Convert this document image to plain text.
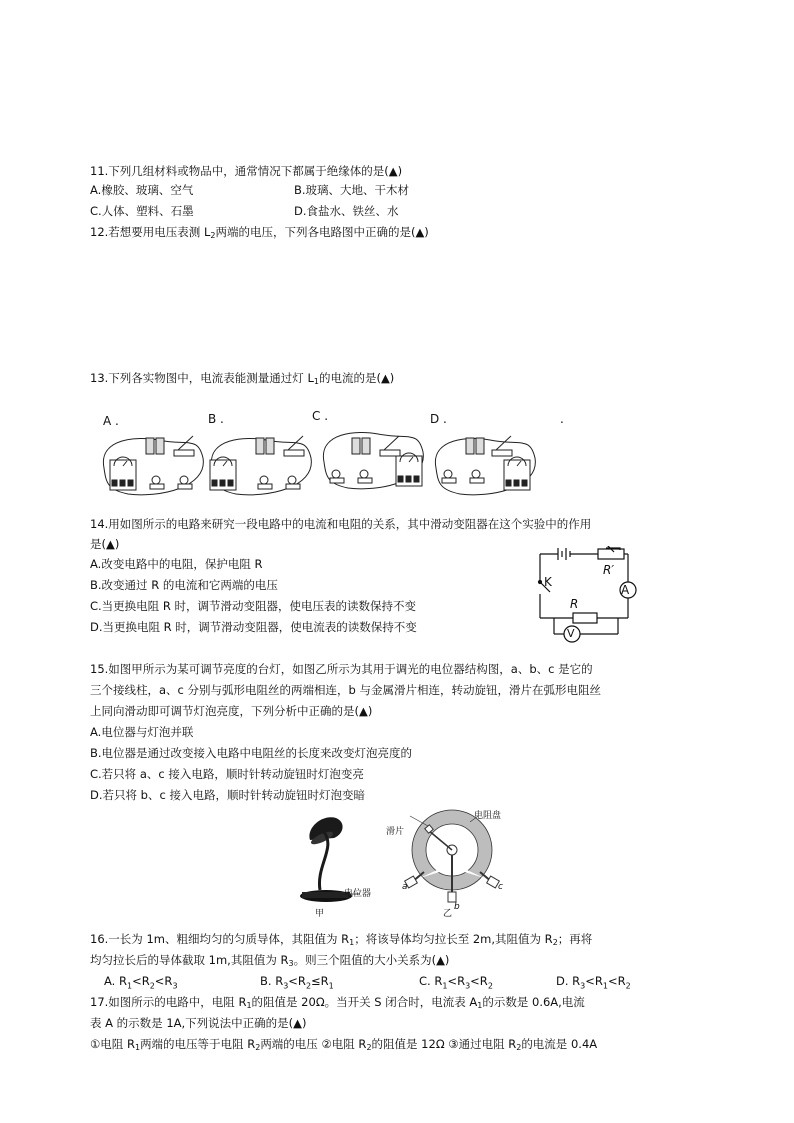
11.下列几组材料或物品中，通常情况下都属于绝缘体的是(▲)
A.橡胶、玻璃、空气	B.玻璃、大地、干木材
C.人体、塑料、石墨	D.食盐水、铁丝、水
12.若想要用电压表测 $L_2$两端的电压，下列各电路图中正确的是(▲)
13.下列各实物图中，电流表能测量通过灯 $L_1$的电流的是(▲)
A .	B .	C .	D .	.
14.用如图所示的电路来研究一段电路中的电流和电阻的关系，其中滑动变阻器在这个实验中的作用
是(▲)
A.改变电路中的电阻，保护电阻 R
B.改变通过 R 的电流和它两端的电压
C.当更换电阻 R 时，调节滑动变阻器，使电压表的读数保持不变
D.当更换电阻 R 时，调节滑动变阻器，使电流表的读数保持不变
R′
A
K
R
V
15.如图甲所示为某可调节亮度的台灯，如图乙所示为其用于调光的电位器结构图，a、b、c 是它的
三个接线柱，a、c 分别与弧形电阻丝的两端相连，b 与金属滑片相连，转动旋钮，滑片在弧形电阻丝
上同向滑动即可调节灯泡亮度，下列分析中正确的是(▲)
A.电位器与灯泡并联
B.电位器是通过改变接入电路中电阻丝的长度来改变灯泡亮度的
C.若只将 a、c 接入电路，顺时针转动旋钮时灯泡变亮
D.若只将 b、c 接入电路，顺时针转动旋钮时灯泡变暗
电位器
甲	乙
电阻盘
滑片
a
b
c
16.一长为 1m、粗细均匀的匀质导体，其阻值为 $R_1$；将该导体均匀拉长至 2m,其阻值为 $R_2$；再将
均匀拉长后的导体截取 1m,其阻值为 $R_3$。则三个阻值的大小关系为(▲)
A. $R_1<R_2<R_3$	B. $R_3<R_2\le R_1$	C. $R_1<R_3<R_2$	D. $R_3<R_1<R_2$
17.如图所示的电路中，电阻 $R_1$的阻值是 20Ω。当开关 S 闭合时，电流表 $A_1$的示数是 0.6A,电流
表 A 的示数是 1A,下列说法中正确的是(▲)
①电阻 $R_1$两端的电压等于电阻 $R_2$两端的电压 ②电阻 $R_2$的阻值是 12Ω ③通过电阻 $R_2$的电流是 0.4A
